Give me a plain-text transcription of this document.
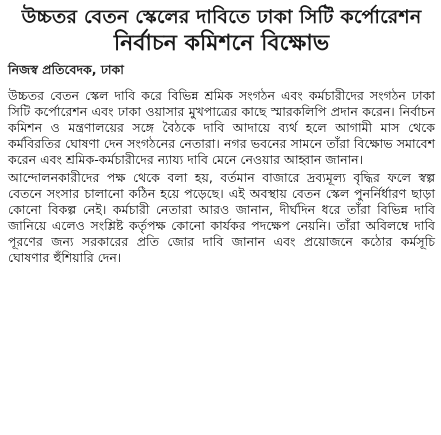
উচ্চতর বেতন স্কেলের দাবিতে ঢাকা সিটি কর্পোরেশন
নির্বাচন কমিশনে বিক্ষোভ
নিজস্ব প্রতিবেদক, ঢাকা

উচ্চতর বেতন স্কেল দাবি করে বিভিন্ন শ্রমিক সংগঠন এবং কর্মচারীদের সংগঠন ঢাকা সিটি কর্পোরেশন এবং ঢাকা ওয়াসার মুখপাত্রের কাছে স্মারকলিপি প্রদান করেন। নির্বাচন কমিশন ও মন্ত্রণালয়ের সঙ্গে বৈঠকে দাবি আদায়ে ব্যর্থ হলে আগামী মাস থেকে কর্মবিরতির ঘোষণা দেন সংগঠনের নেতারা। নগর ভবনের সামনে তাঁরা বিক্ষোভ সমাবেশ করেন এবং শ্রমিক-কর্মচারীদের ন্যায্য দাবি মেনে নেওয়ার আহ্বান জানান।

আন্দোলনকারীদের পক্ষ থেকে বলা হয়, বর্তমান বাজারে দ্রব্যমূল্য বৃদ্ধির ফলে স্বল্প বেতনে সংসার চালানো কঠিন হয়ে পড়েছে। এই অবস্থায় বেতন স্কেল পুনর্নির্ধারণ ছাড়া কোনো বিকল্প নেই। কর্মচারী নেতারা আরও জানান, দীর্ঘদিন ধরে তাঁরা বিভিন্ন দাবি জানিয়ে এলেও সংশ্লিষ্ট কর্তৃপক্ষ কোনো কার্যকর পদক্ষেপ নেয়নি। তাঁরা অবিলম্বে দাবি পূরণের জন্য সরকারের প্রতি জোর দাবি জানান এবং প্রয়োজনে কঠোর কর্মসূচি ঘোষণার হুঁশিয়ারি দেন।
